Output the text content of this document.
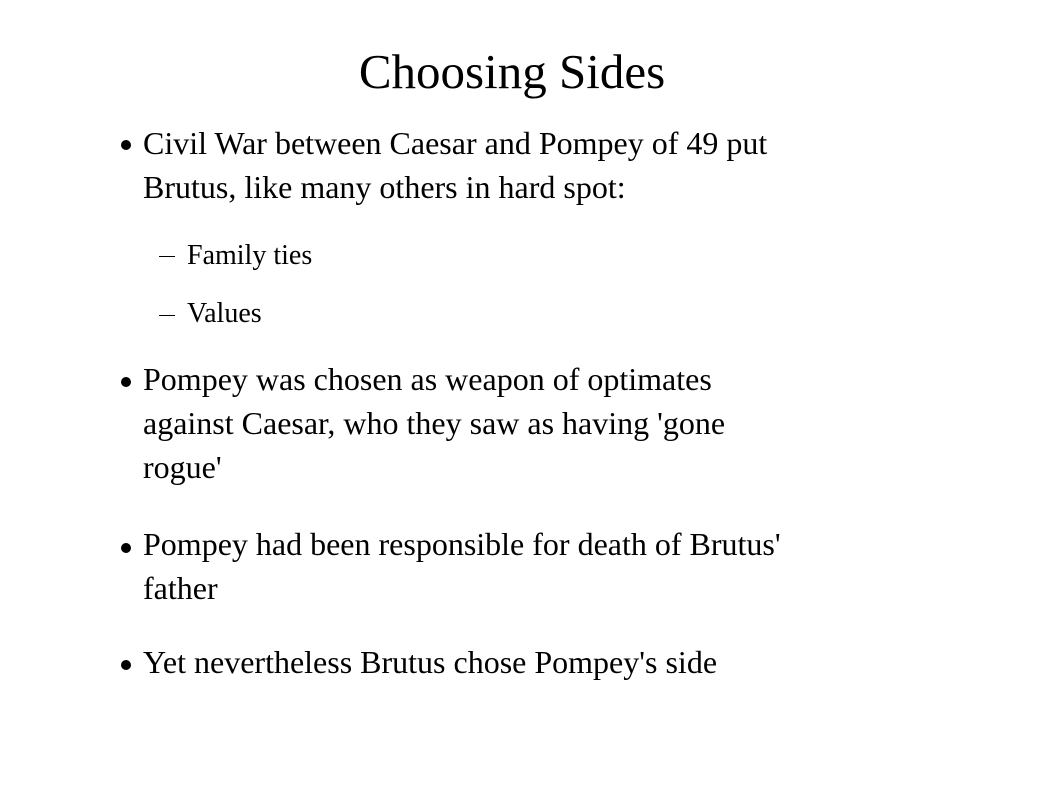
Choosing Sides
Civil War between Caesar and Pompey of 49 put
Brutus, like many others in hard spot:
Family ties
Values
Pompey was chosen as weapon of optimates
against Caesar, who they saw as having 'gone
rogue'
Pompey had been responsible for death of Brutus'
father
Yet nevertheless Brutus chose Pompey's side
